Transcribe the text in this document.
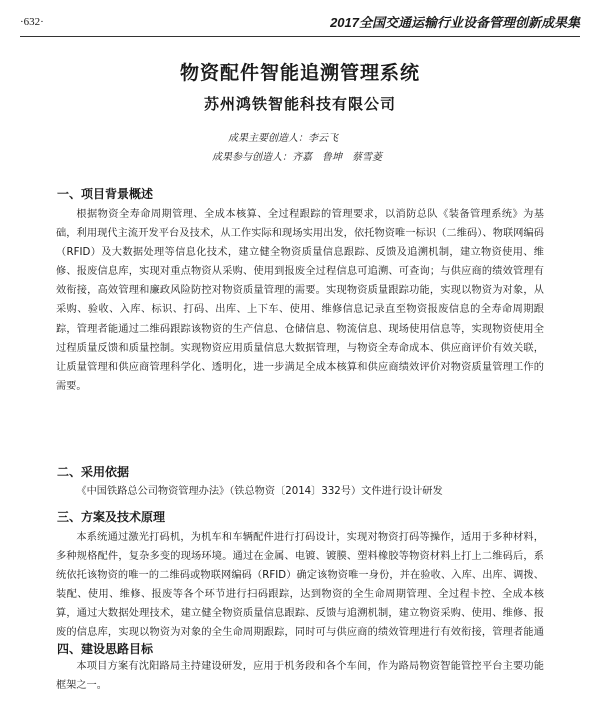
·632·	2017全国交通运输行业设备管理创新成果集
物资配件智能追溯管理系统
苏州鸿铁智能科技有限公司
成果主要创造人：李云飞
成果参与创造人：齐嘉 鲁坤 蔡雪菱
一、项目背景概述
根据物资全寿命周期管理、全成本核算、全过程跟踪的管理要求，以消防总队《装备管理系统》为基础，利用现代主流开发平台及技术，从工作实际和现场实用出发，依托物资唯一标识（二维码）、物联网编码（RFID）及大数据处理等信息化技术，建立健全物资质量信息跟踪、反馈及追溯机制，建立物资使用、维修、报废信息库，实现对重点物资从采购、使用到报废全过程信息可追溯、可查询；与供应商的绩效管理有效衔接，高效管理和廉政风险防控对物资质量管理的需要。实现物资质量跟踪功能，实现以物资为对象，从采购、验收、入库、标识、打码、出库、上下车、使用、维修信息记录直至物资报废信息的全寿命周期跟踪，管理者能通过二维码跟踪该物资的生产信息、仓储信息、物流信息、现场使用信息等，实现物资使用全过程质量反馈和质量控制。实现物资应用质量信息大数据管理，与物资全寿命成本、供应商评价有效关联，让质量管理和供应商管理科学化、透明化，进一步满足全成本核算和供应商绩效评价对物资质量管理工作的需要。
二、采用依据
《中国铁路总公司物资管理办法》（铁总物资〔2014〕332号）文件进行设计研发
三、方案及技术原理
本系统通过激光打码机，为机车和车辆配件进行打码设计，实现对物资打码等操作，适用于多种材料，多种规格配件，复杂多变的现场环境。通过在金属、电镀、镀膜、塑料橡胶等物资材料上打上二维码后，系统依托该物资的唯一的二维码或物联网编码（RFID）确定该物资唯一身份，并在验收、入库、出库、调拨、装配、使用、维修、报废等各个环节进行扫码跟踪，达到物资的全生命周期管理、全过程卡控、全成本核算，通过大数据处理技术，建立健全物资质量信息跟踪、反馈与追溯机制，建立物资采购、使用、维修、报废的信息库，实现以物资为对象的全生命周期跟踪，同时可与供应商的绩效管理进行有效衔接，管理者能通
四、建设思路目标
本项目方案有沈阳路局主持建设研发，应用于机务段和各个车间，作为路局物资智能管控平台主要功能框架之一。
